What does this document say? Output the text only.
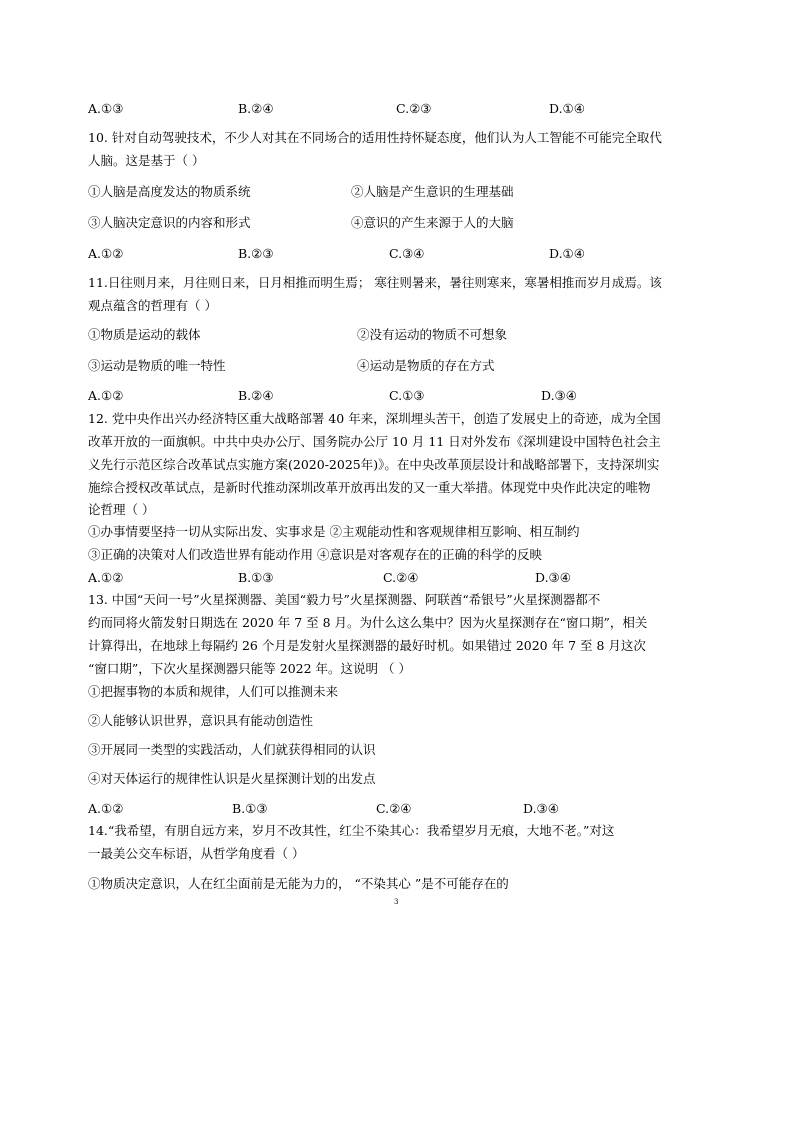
A.①③	B.②④	C.②③	D.①④
10. 针对自动驾驶技术，不少人对其在不同场合的适用性持怀疑态度，他们认为人工智能不可能完全取代
人脑。这是基于（ ）
①人脑是高度发达的物质系统	②人脑是产生意识的生理基础
③人脑决定意识的内容和形式	④意识的产生来源于人的大脑
A.①②	B.②③	C.③④	D.①④
11.日往则月来，月往则日来，日月相推而明生焉； 寒往则暑来，暑往则寒来，寒暑相推而岁月成焉。该
观点蕴含的哲理有（ ）
①物质是运动的载体	②没有运动的物质不可想象
③运动是物质的唯一特性	④运动是物质的存在方式
A.①②	B.②④	C.①③	D.③④
12. 党中央作出兴办经济特区重大战略部署 40 年来，深圳埋头苦干，创造了发展史上的奇迹，成为全国
改革开放的一面旗帜。中共中央办公厅、国务院办公厅 10 月 11 日对外发布《深圳建设中国特色社会主
义先行示范区综合改革试点实施方案(2020-2025年)》。在中央改革顶层设计和战略部署下，支持深圳实
施综合授权改革试点，是新时代推动深圳改革开放再出发的又一重大举措。体现党中央作此决定的唯物
论哲理（ ）
①办事情要坚持一切从实际出发、实事求是 ②主观能动性和客观规律相互影响、相互制约
③正确的决策对人们改造世界有能动作用 ④意识是对客观存在的正确的科学的反映
A.①②	B.①③	C.②④	D.③④
13. 中国“天问一号”火星探测器、美国“毅力号”火星探测器、阿联酋“希银号”火星探测器都不
约而同将火箭发射日期选在 2020 年 7 至 8 月。为什么这么集中？因为火星探测存在“窗口期”，相关
计算得出，在地球上每隔约 26 个月是发射火星探测器的最好时机。如果错过 2020 年 7 至 8 月这次
“窗口期”，下次火星探测器只能等 2022 年。这说明 （ ）
①把握事物的本质和规律，人们可以推测未来
②人能够认识世界，意识具有能动创造性
③开展同一类型的实践活动，人们就获得相同的认识
④对天体运行的规律性认识是火星探测计划的出发点
A.①②	B.①③	C.②④	D.③④
14.“我希望，有朋自远方来，岁月不改其性，红尘不染其心：我希望岁月无痕，大地不老。”对这
一最美公交车标语，从哲学角度看（ ）
①物质决定意识，人在红尘面前是无能为力的， “不染其心 ”是不可能存在的
3
